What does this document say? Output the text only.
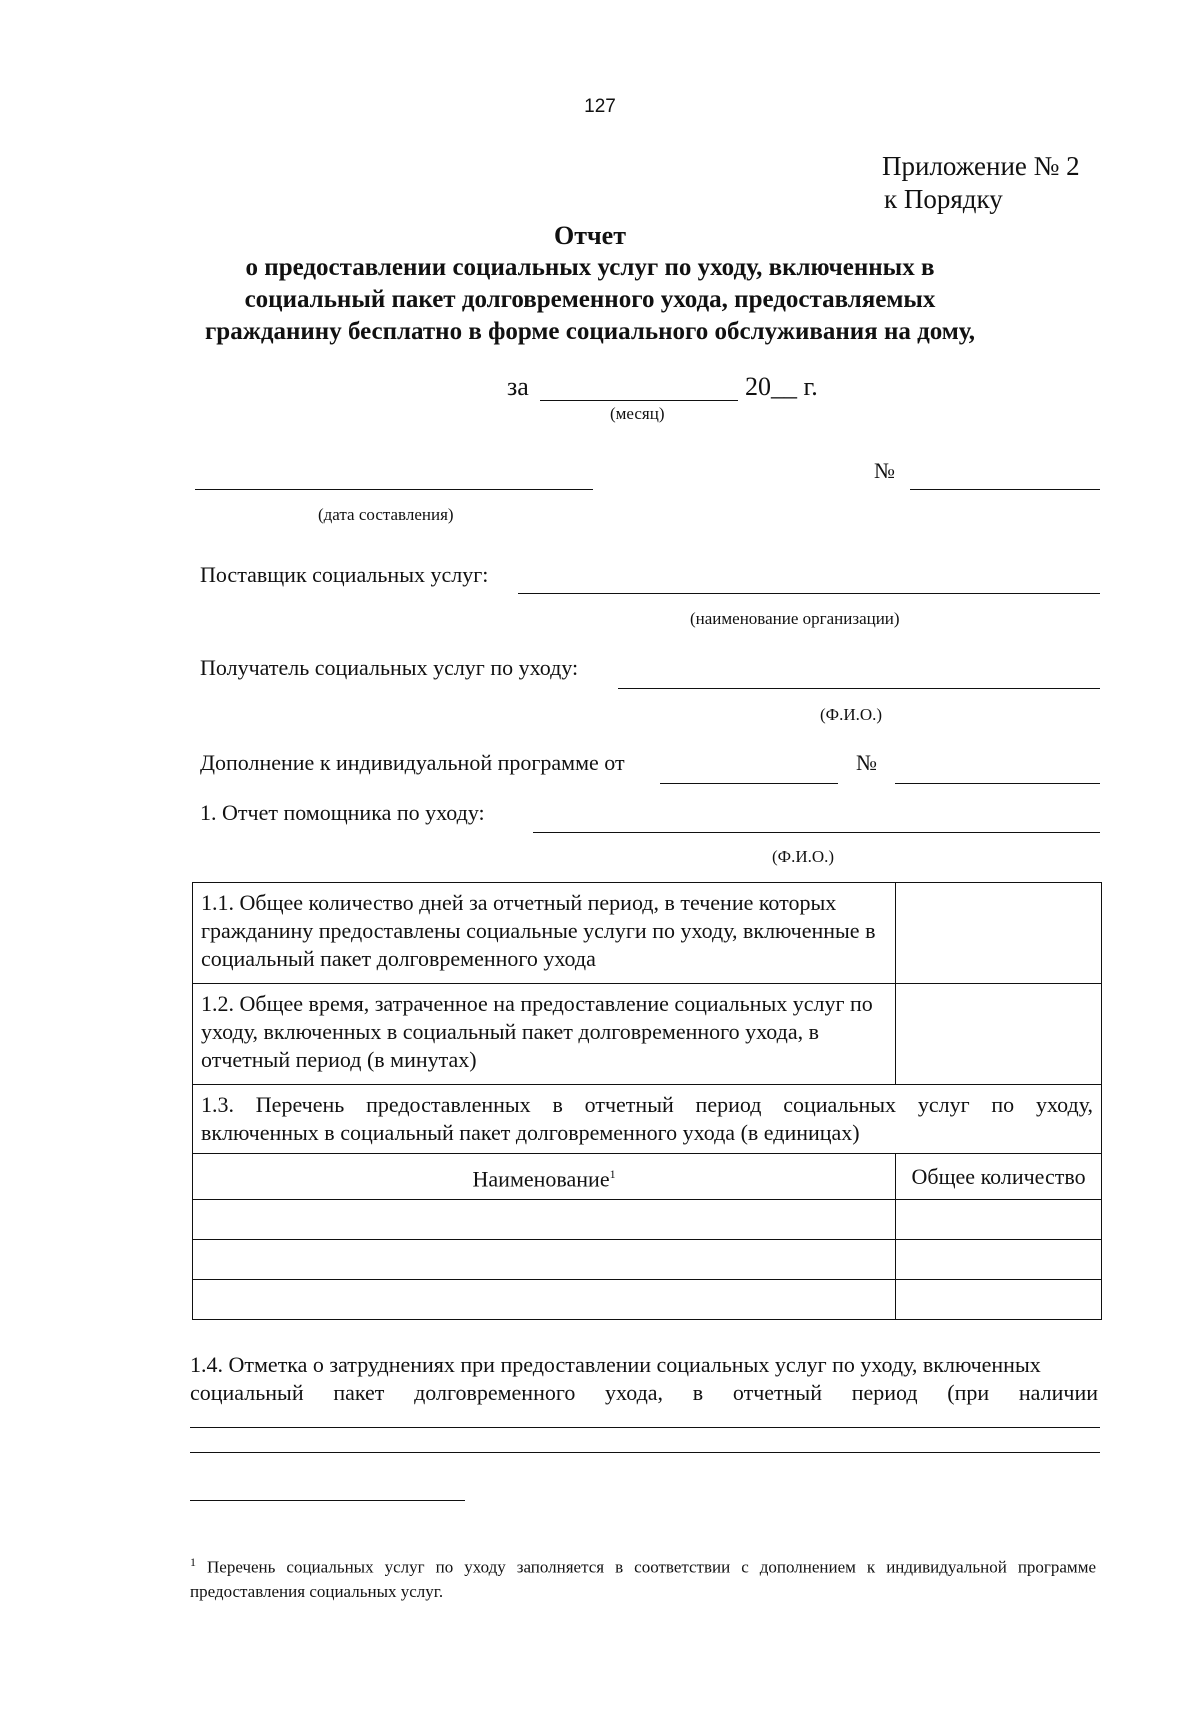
127
Приложение № 2
к Порядку
Отчет
о предоставлении социальных услуг по уходу, включенных в
социальный пакет долговременного ухода, предоставляемых
гражданину бесплатно в форме социального обслуживания на дому,
за	20__ г.
(месяц)
№
(дата составления)
Поставщик социальных услуг:
(наименование организации)
Получатель социальных услуг по уходу:
(Ф.И.О.)
Дополнение к индивидуальной программе от	№
1. Отчет помощника по уходу:
(Ф.И.О.)
1.1. Общее количество дней за отчетный период, в течение которых гражданину предоставлены социальные услуги по уходу, включенные в социальный пакет долговременного ухода	
1.2. Общее время, затраченное на предоставление социальных услуг по уходу, включенных в социальный пакет долговременного ухода, в отчетный период (в минутах)	

1.3. Перечень предоставленных в отчетный период социальных услуг по уходу,
включенных в социальный пакет долговременного ухода (в единицах)	

Наименование$^1$	Общее количество

1.4. Отметка о затруднениях при предоставлении социальных услуг по уходу, включенных
социальный пакет долговременного ухода, в отчетный период (при наличии
$^1$ Перечень социальных услуг по уходу заполняется в соответствии с дополнением к индивидуальной программе предоставления социальных услуг.
